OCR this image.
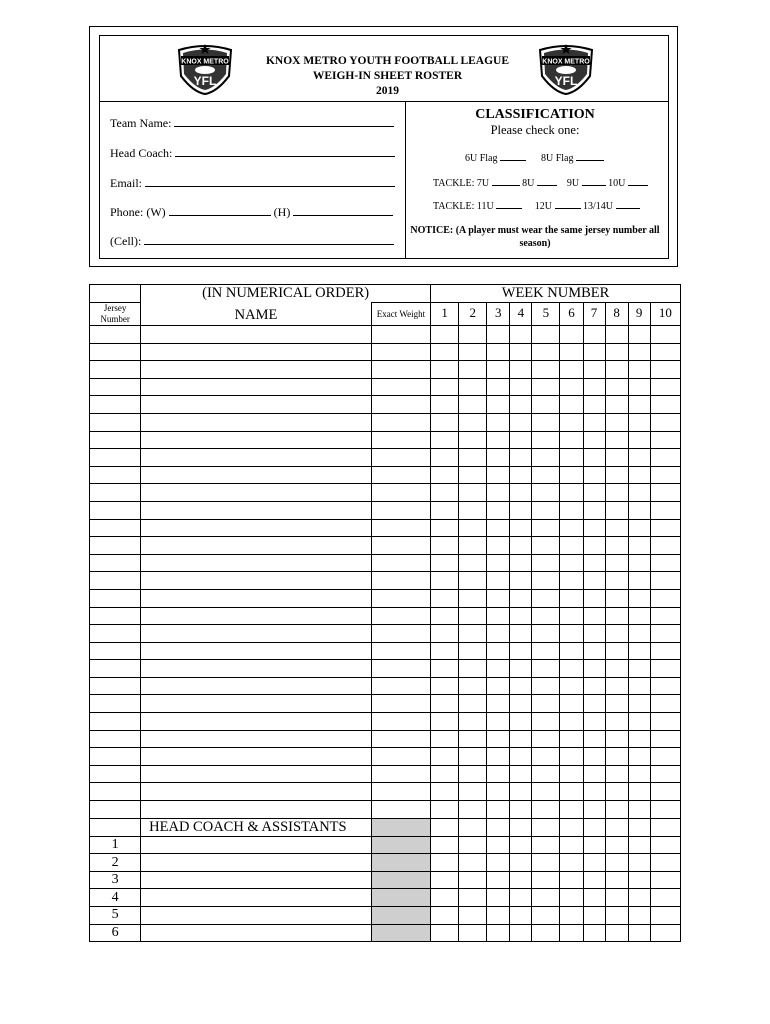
KNOX METRO
YFL
KNOX METRO
YFL
KNOX METRO YOUTH FOOTBALL LEAGUE
WEIGH-IN SHEET ROSTER
2019
Team Name:
Head Coach:
Email:
Phone: (W)	(H)
(Cell):
CLASSIFICATION
Please check one:
6U Flag	8U Flag
TACKLE: 7U	8U	9U	10U
TACKLE: 11U	12U	13/14U
NOTICE: (A player must wear the same jersey number all season)
	(IN NUMERICAL ORDER)		WEEK NUMBER									
Jersey Number	NAME	Exact Weight	1	2	3	4	5	6	7	8	9	10

	HEAD COACH & ASSISTANTS											
1												
2												
3												
4												
5												
6												
